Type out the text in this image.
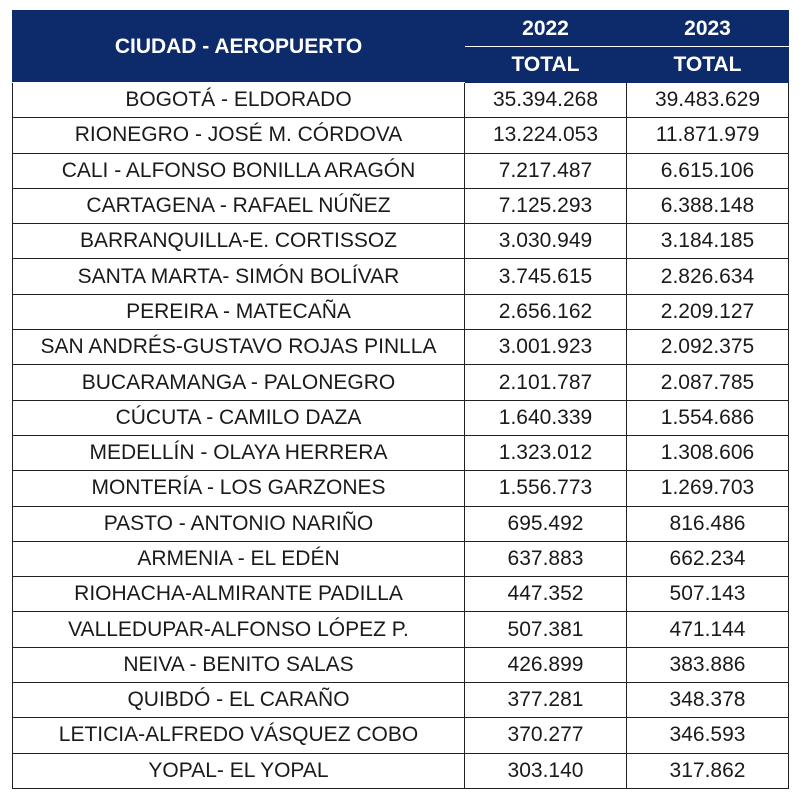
CIUDAD - AEROPUERTO	2022	2023
	TOTAL	TOTAL
BOGOTÁ - ELDORADO	35.394.268	39.483.629
RIONEGRO - JOSÉ M. CÓRDOVA	13.224.053	11.871.979
CALI - ALFONSO BONILLA ARAGÓN	7.217.487	6.615.106
CARTAGENA - RAFAEL NÚÑEZ	7.125.293	6.388.148
BARRANQUILLA-E. CORTISSOZ	3.030.949	3.184.185
SANTA MARTA- SIMÓN BOLÍVAR	3.745.615	2.826.634
PEREIRA - MATECAÑA	2.656.162	2.209.127
SAN ANDRÉS-GUSTAVO ROJAS PINLLA	3.001.923	2.092.375
BUCARAMANGA - PALONEGRO	2.101.787	2.087.785
CÚCUTA - CAMILO DAZA	1.640.339	1.554.686
MEDELLÍN - OLAYA HERRERA	1.323.012	1.308.606
MONTERÍA - LOS GARZONES	1.556.773	1.269.703
PASTO - ANTONIO NARIÑO	695.492	816.486
ARMENIA - EL EDÉN	637.883	662.234
RIOHACHA-ALMIRANTE PADILLA	447.352	507.143
VALLEDUPAR-ALFONSO LÓPEZ P.	507.381	471.144
NEIVA - BENITO SALAS	426.899	383.886
QUIBDÓ - EL CARAÑO	377.281	348.378
LETICIA-ALFREDO VÁSQUEZ COBO	370.277	346.593
YOPAL- EL YOPAL	303.140	317.862
